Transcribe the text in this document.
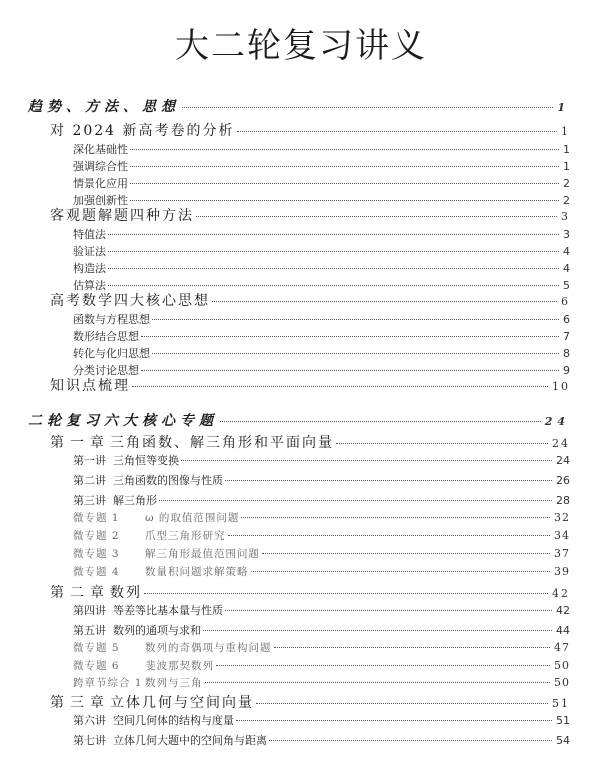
大二轮复习讲义
趋势、方法、思想	1
对 2024 新高考卷的分析	1
深化基础性	1
强调综合性	1
情景化应用	2
加强创新性	2
客观题解题四种方法	3
特值法	3
验证法	4
构造法	4
估算法	5
高考数学四大核心思想	6
函数与方程思想	6
数形结合思想	7
转化与化归思想	8
分类讨论思想	9
知识点梳理	10
二轮复习六大核心专题	24
第一章三角函数、解三角形和平面向量	24
第一讲 三角恒等变换	24
第二讲 三角函数的图像与性质	26
第三讲 解三角形	28
微专题 1 ω 的取值范围问题	32
微专题 2 爪型三角形研究	34
微专题 3 解三角形最值范围问题	37
微专题 4 数量积问题求解策略	39
第二章数列	42
第四讲 等差等比基本量与性质	42
第五讲 数列的通项与求和	44
微专题 5 数列的奇偶项与重构问题	47
微专题 6 斐波那契数列	50
跨章节综合 1 数列与三角	50
第三章立体几何与空间向量	51
第六讲 空间几何体的结构与度量	51
第七讲 立体几何大题中的空间角与距离	54
